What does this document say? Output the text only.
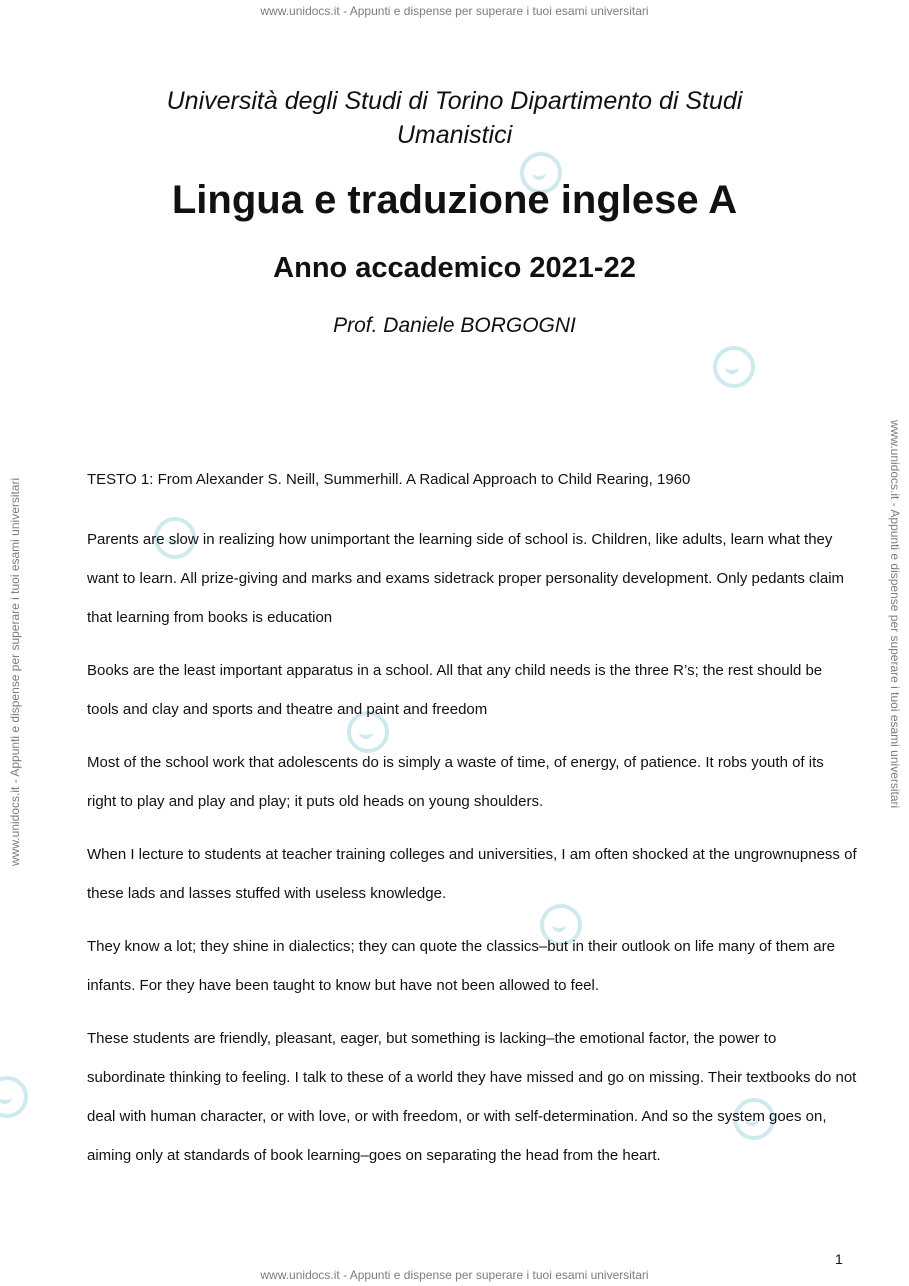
www.unidocs.it - Appunti e dispense per superare i tuoi esami universitari
www.unidocs.it - Appunti e dispense per superare i tuoi esami universitari	www.unidocs.it - Appunti e dispense per superare i tuoi esami universitari
Università degli Studi di Torino Dipartimento di Studi Umanistici
Lingua e traduzione inglese A
Anno accademico 2021-22
Prof. Daniele BORGOGNI

TESTO 1: From Alexander S. Neill, Summerhill. A Radical Approach to Child Rearing, 1960

Parents are slow in realizing how unimportant the learning side of school is. Children, like adults, learn what they want to learn. All prize-giving and marks and exams sidetrack proper personality development. Only pedants claim that learning from books is education

Books are the least important apparatus in a school. All that any child needs is the three R’s; the rest should be tools and clay and sports and theatre and paint and freedom

Most of the school work that adolescents do is simply a waste of time, of energy, of patience. It robs youth of its right to play and play and play; it puts old heads on young shoulders.

When I lecture to students at teacher training colleges and universities, I am often shocked at the ungrownupness of these lads and lasses stuffed with useless knowledge.

They know a lot; they shine in dialectics; they can quote the classics–but in their outlook on life many of them are infants. For they have been taught to know but have not been allowed to feel.

These students are friendly, pleasant, eager, but something is lacking–the emotional factor, the power to subordinate thinking to feeling. I talk to these of a world they have missed and go on missing. Their textbooks do not deal with human character, or with love, or with freedom, or with self-determination. And so the system goes on, aiming only at standards of book learning–goes on separating the head from the heart.

1
www.unidocs.it - Appunti e dispense per superare i tuoi esami universitari
